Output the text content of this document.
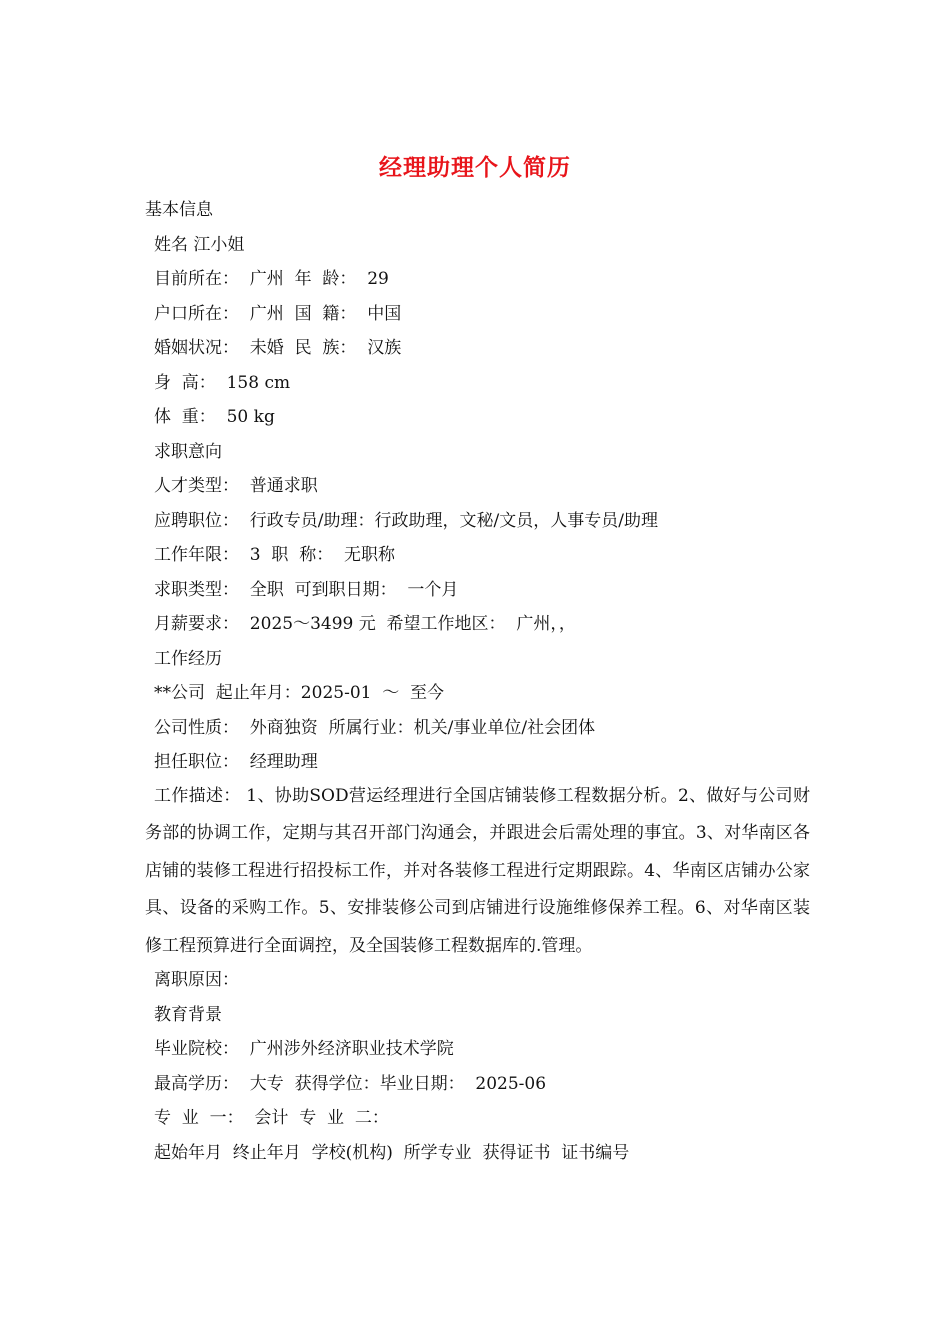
经理助理个人简历
基本信息
姓名 江小姐
目前所在：  广州  年  龄：  29
户口所在：  广州  国  籍：  中国
婚姻状况：  未婚  民  族：  汉族
身  高：  158 cm
体  重：  50 kg
求职意向
人才类型：  普通求职
应聘职位：  行政专员/助理：行政助理，文秘/文员，人事专员/助理
工作年限：  3  职  称：  无职称
求职类型：  全职  可到职日期：  一个月
月薪要求：  2025～3499 元  希望工作地区：  广州，，
工作经历
**公司  起止年月：2025-01  ～  至今
公司性质：  外商独资  所属行业：机关/事业单位/社会团体
担任职位：  经理助理
工作描述： 1、协助SOD营运经理进行全国店铺装修工程数据分析。2、做好与公司财务部的协调工作，定期与其召开部门沟通会，并跟进会后需处理的事宜。3、对华南区各店铺的装修工程进行招投标工作，并对各装修工程进行定期跟踪。4、华南区店铺办公家具、设备的采购工作。5、安排装修公司到店铺进行设施维修保养工程。6、对华南区装修工程预算进行全面调控，及全国装修工程数据库的.管理。
离职原因：
教育背景
毕业院校：  广州涉外经济职业技术学院
最高学历：  大专  获得学位：毕业日期：  2025-06
专  业  一：  会计  专  业  二：
起始年月  终止年月  学校(机构)  所学专业  获得证书  证书编号
